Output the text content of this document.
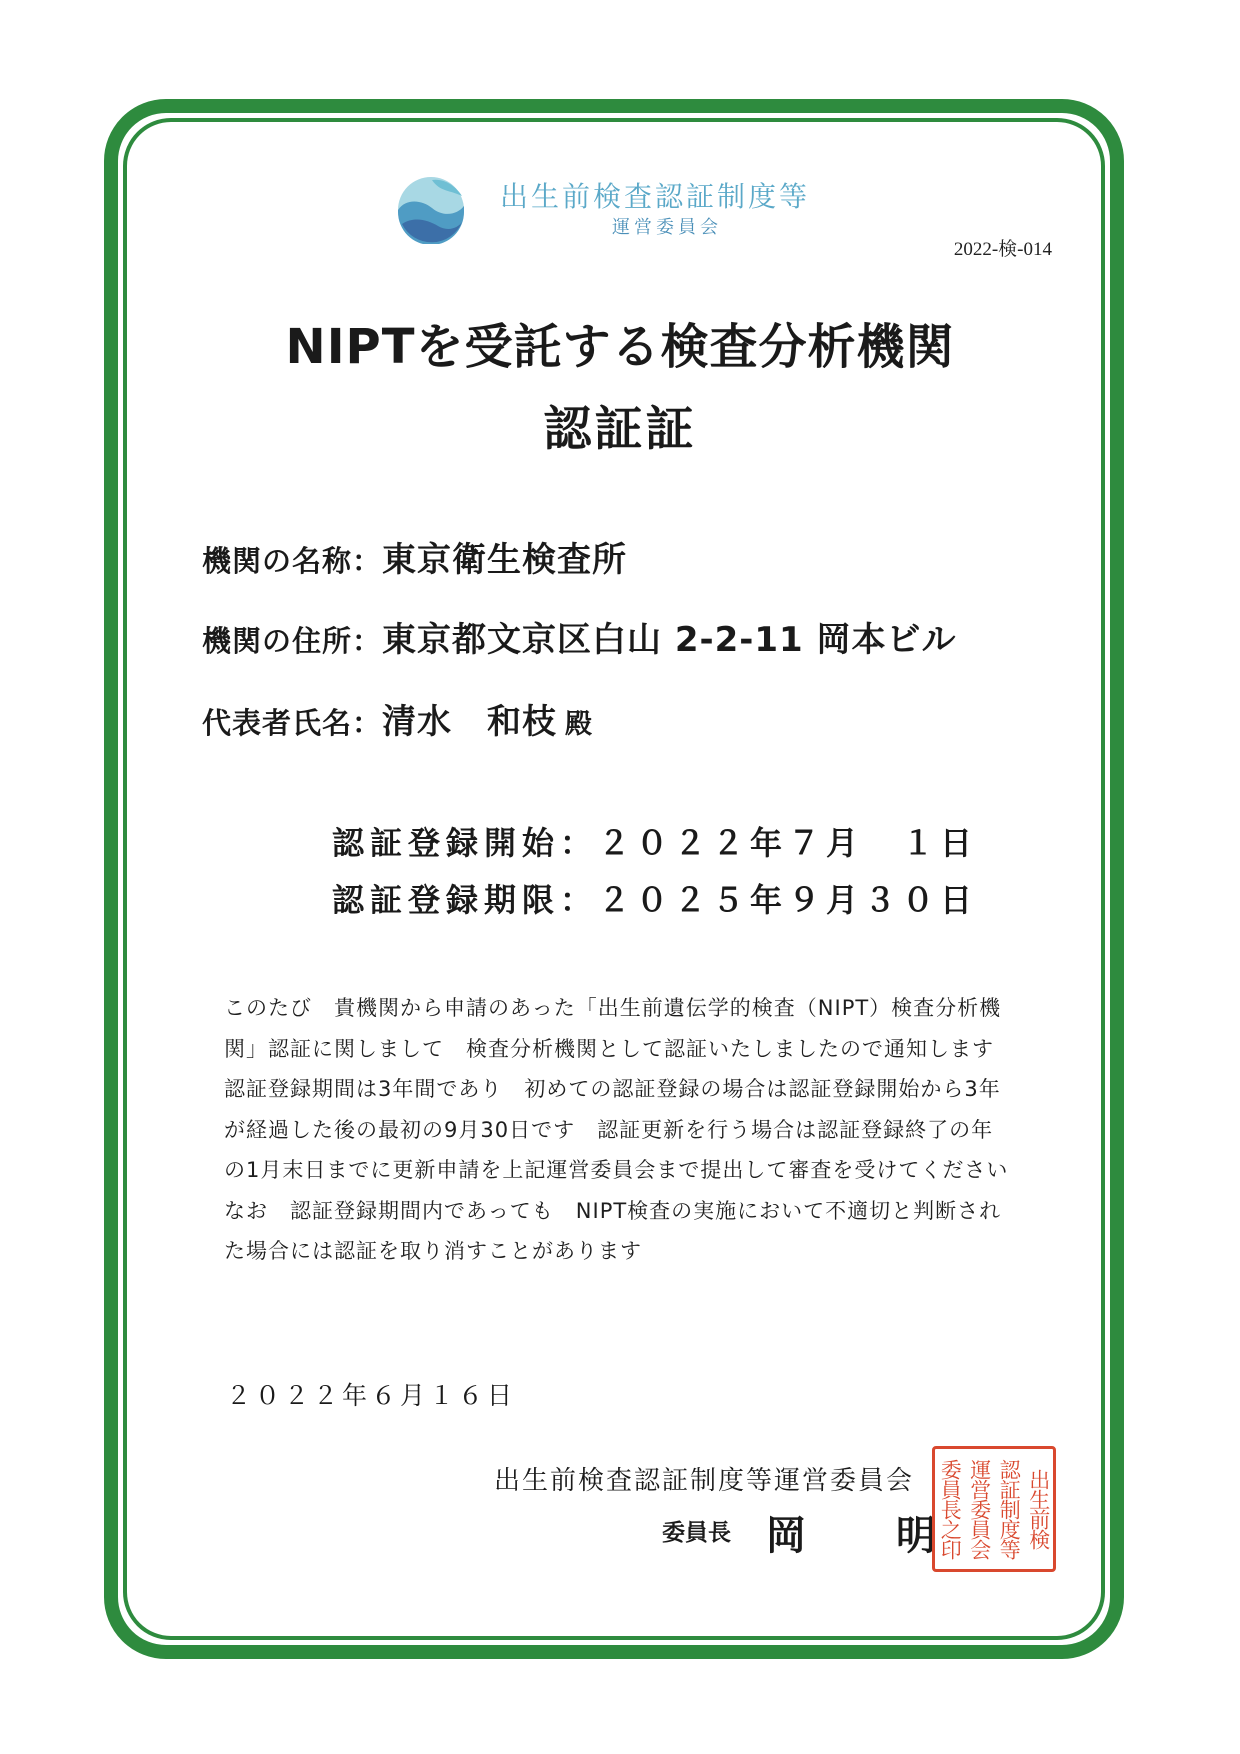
出生前検査認証制度等
運営委員会
2022-検-014
NIPTを受託する検査分析機関
認証証
機関の名称：東京衛生検査所
機関の住所：東京都文京区白山 2-2-11 岡本ビル
代表者氏名：清水　和枝 殿
認証登録開始：２０２２年７月　１日
認証登録期限：２０２５年９月３０日

このたび　貴機関から申請のあった「出生前遺伝学的検査（NIPT）検査分析機関」認証に関しまして　検査分析機関として認証いたしましたので通知します

認証登録期間は3年間であり　初めての認証登録の場合は認証登録開始から3年が経過した後の最初の9月30日です　認証更新を行う場合は認証登録終了の年の1月末日までに更新申請を上記運営委員会まで提出して審査を受けてください　なお　認証登録期間内であっても　NIPT検査の実施において不適切と判断された場合には認証を取り消すことがあります

２０２２年６月１６日
出生前検査認証制度等運営委員会
委員長 岡 明	出生前検
認証制度等
運営委員会
委員長之印
